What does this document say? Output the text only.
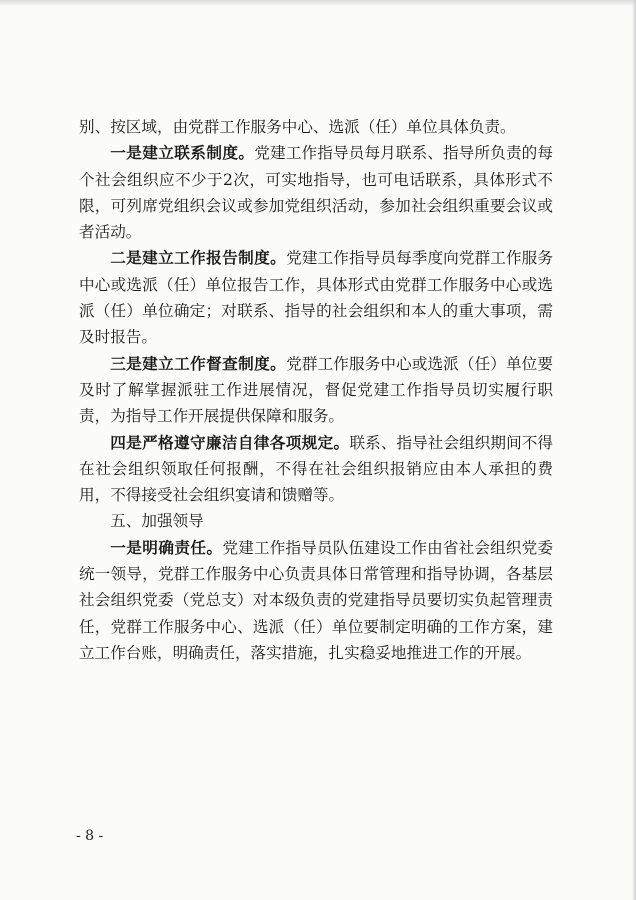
别、按区域，由党群工作服务中心、选派（任）单位具体负责。

一是建立联系制度。党建工作指导员每月联系、指导所负责的每个社会组织应不少于2次，可实地指导，也可电话联系，具体形式不限，可列席党组织会议或参加党组织活动，参加社会组织重要会议或者活动。

二是建立工作报告制度。党建工作指导员每季度向党群工作服务中心或选派（任）单位报告工作，具体形式由党群工作服务中心或选派（任）单位确定；对联系、指导的社会组织和本人的重大事项，需及时报告。

三是建立工作督查制度。党群工作服务中心或选派（任）单位要及时了解掌握派驻工作进展情况，督促党建工作指导员切实履行职责，为指导工作开展提供保障和服务。

四是严格遵守廉洁自律各项规定。联系、指导社会组织期间不得在社会组织领取任何报酬，不得在社会组织报销应由本人承担的费用，不得接受社会组织宴请和馈赠等。

五、加强领导

一是明确责任。党建工作指导员队伍建设工作由省社会组织党委统一领导，党群工作服务中心负责具体日常管理和指导协调，各基层社会组织党委（党总支）对本级负责的党建指导员要切实负起管理责任，党群工作服务中心、选派（任）单位要制定明确的工作方案，建立工作台账，明确责任，落实措施，扎实稳妥地推进工作的开展。

- 8 -
